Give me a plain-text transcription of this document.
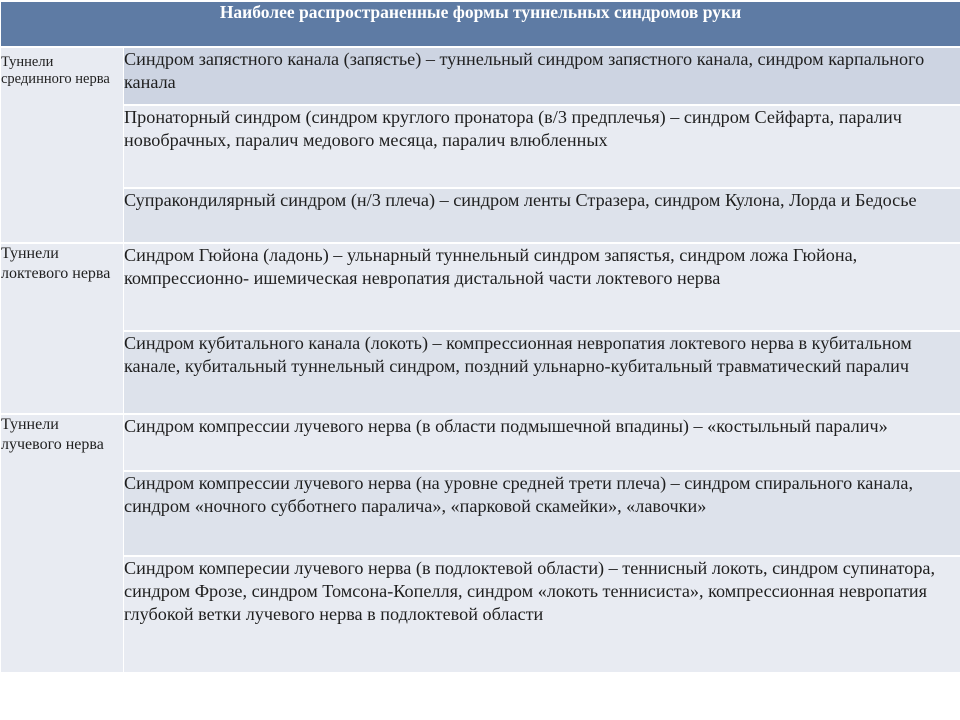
Наиболее распространенные формы туннельных синдромов руки	
Туннели срединного нерва	Синдром запястного канала (запястье) – туннельный синдром запястного канала, синдром карпального канала
	Пронаторный синдром (синдром круглого пронатора (в/3 предплечья) – синдром Сейфарта, паралич новобрачных, паралич медового месяца, паралич влюбленных
	Супракондилярный синдром (н/3 плеча) – синдром ленты Стразера, синдром Кулона, Лорда и Бедосье
Туннели локтевого нерва	Синдром Гюйона (ладонь) – ульнарный туннельный синдром запястья, синдром ложа Гюйона, компрессионно- ишемическая невропатия дистальной части локтевого нерва
	Синдром кубитального канала (локоть) – компрессионная невропатия локтевого нерва в кубитальном канале, кубитальный туннельный синдром, поздний ульнарно-кубитальный травматический паралич
Туннели лучевого нерва	Синдром компрессии лучевого нерва (в области подмышечной впадины) – «костыльный паралич»
	Синдром компрессии лучевого нерва (на уровне средней трети плеча) – синдром спирального канала, синдром «ночного субботнего паралича», «парковой скамейки», «лавочки»
	Синдром компересии лучевого нерва (в подлоктевой области) – теннисный локоть, синдром супинатора, синдром Фрозе, синдром Томсона-Копелля, синдром «локоть теннисиста», компрессионная невропатия глубокой ветки лучевого нерва в подлоктевой области
